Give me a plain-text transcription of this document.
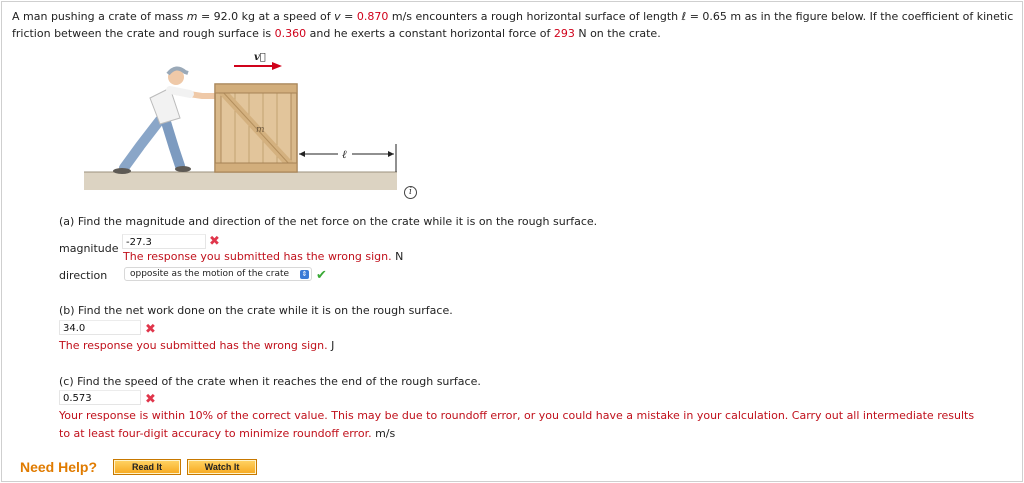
A man pushing a crate of mass m = 92.0 kg at a speed of v = 0.870 m/s encounters a rough horizontal surface of length ℓ = 0.65 m as in the figure below. If the coefficient of kinetic friction between the crate and rough surface is 0.360 and he exerts a constant horizontal force of 293 N on the crate.
m
v⃗
ℓ
i
(a) Find the magnitude and direction of the net force on the crate while it is on the rough surface.
magnitude -27.3	✖
The response you submitted has the wrong sign. N
direction	opposite as the motion of the crate ⇕ ✔
(b) Find the net work done on the crate while it is on the rough surface.
34.0	✖
The response you submitted has the wrong sign. J
(c) Find the speed of the crate when it reaches the end of the rough surface.
0.573	✖
Your response is within 10% of the correct value. This may be due to roundoff error, or you could have a mistake in your calculation. Carry out all intermediate results
to at least four-digit accuracy to minimize roundoff error. m/s
Need Help?	Read It	Watch It
